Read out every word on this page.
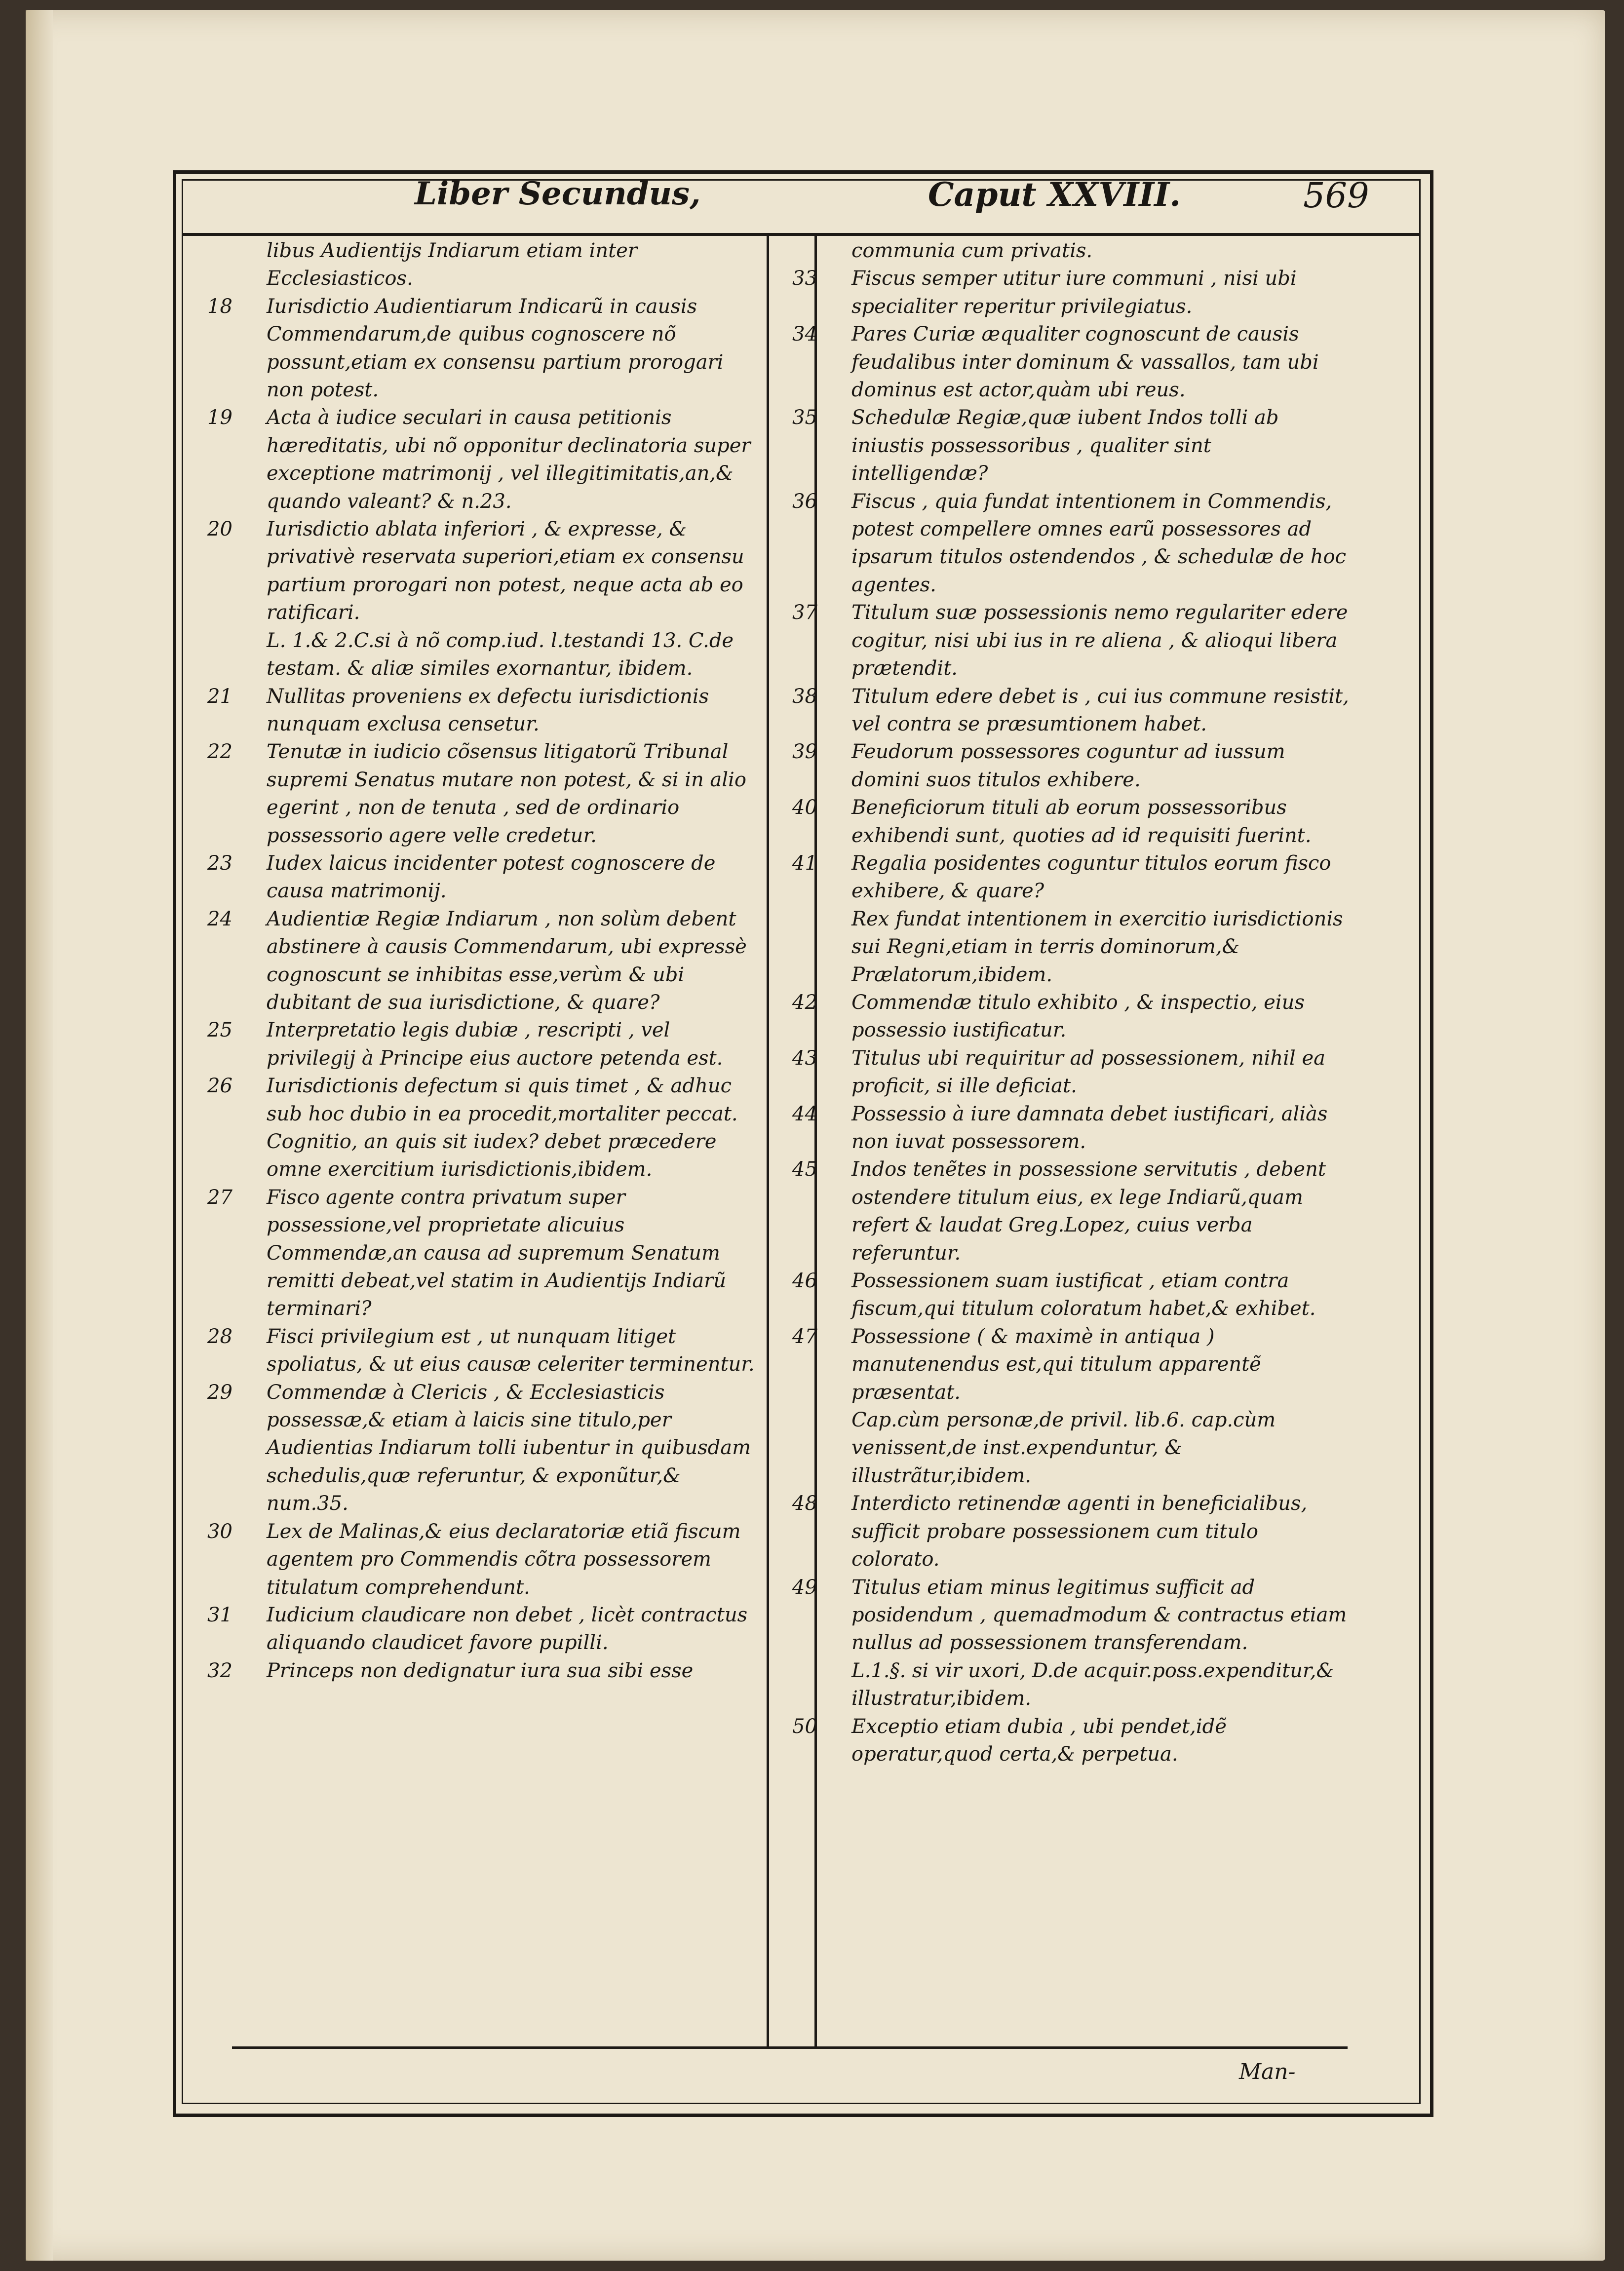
Liber Secundus,	Caput XXVIII.	569

libus Audientijs Indiarum etiam inter Ecclesiasticos.

18 Iurisdictio Audientiarum Indicarũ in causis Commendarum,de quibus cognoscere nõ possunt,etiam ex consensu partium prorogari non potest.

19 Acta à iudice seculari in causa petitionis hæreditatis, ubi nõ opponitur declinatoria super exceptione matrimonij , vel illegitimitatis,an,& quando valeant? & n.23.

20 Iurisdictio ablata inferiori , & expresse, & privativè reservata superiori,etiam ex consensu partium prorogari non potest, neque acta ab eo ratificari.

L. 1.& 2.C.si à nõ comp.iud. l.testandi 13. C.de testam. & aliæ similes exornantur, ibidem.

21 Nullitas proveniens ex defectu iurisdictionis nunquam exclusa censetur.

22 Tenutæ in iudicio cõsensus litigatorũ Tribunal supremi Senatus mutare non potest, & si in alio egerint , non de tenuta , sed de ordinario possessorio agere velle credetur.

23 Iudex laicus incidenter potest cognoscere de causa matrimonij.

24 Audientiæ Regiæ Indiarum , non solùm debent abstinere à causis Commendarum, ubi expressè cognoscunt se inhibitas esse,verùm & ubi dubitant de sua iurisdictione, & quare?

25 Interpretatio legis dubiæ , rescripti , vel privilegij à Principe eius auctore petenda est.

26 Iurisdictionis defectum si quis timet , & adhuc sub hoc dubio in ea procedit,mortaliter peccat.

Cognitio, an quis sit iudex? debet præcedere omne exercitium iurisdictionis,ibidem.

27 Fisco agente contra privatum super possessione,vel proprietate alicuius Commendæ,an causa ad supremum Senatum remitti debeat,vel statim in Audientijs Indiarũ terminari?

28 Fisci privilegium est , ut nunquam litiget spoliatus, & ut eius causæ celeriter terminentur.

29 Commendæ à Clericis , & Ecclesiasticis possessæ,& etiam à laicis sine titulo,per Audientias Indiarum tolli iubentur in quibusdam schedulis,quæ referuntur, & exponũtur,& num.35.

30 Lex de Malinas,& eius declaratoriæ etiã fiscum agentem pro Commendis cõtra possessorem titulatum comprehendunt.

31 Iudicium claudicare non debet , licèt contractus aliquando claudicet favore pupilli.

32 Princeps non dedignatur iura sua sibi esse

communia cum privatis.

33 Fiscus semper utitur iure communi , nisi ubi specialiter reperitur privilegiatus.

34 Pares Curiæ æqualiter cognoscunt de causis feudalibus inter dominum & vassallos, tam ubi dominus est actor,quàm ubi reus.

35 Schedulæ Regiæ,quæ iubent Indos tolli ab iniustis possessoribus , qualiter sint intelligendæ?

36 Fiscus , quia fundat intentionem in Commendis, potest compellere omnes earũ possessores ad ipsarum titulos ostendendos , & schedulæ de hoc agentes.

37 Titulum suæ possessionis nemo regulariter edere cogitur, nisi ubi ius in re aliena , & alioqui libera prætendit.

38 Titulum edere debet is , cui ius commune resistit, vel contra se præsumtionem habet.

39 Feudorum possessores coguntur ad iussum domini suos titulos exhibere.

40 Beneficiorum tituli ab eorum possessoribus exhibendi sunt, quoties ad id requisiti fuerint.

41 Regalia posidentes coguntur titulos eorum fisco exhibere, & quare?

Rex fundat intentionem in exercitio iurisdictionis sui Regni,etiam in terris dominorum,& Prælatorum,ibidem.

42 Commendæ titulo exhibito , & inspectio, eius possessio iustificatur.

43 Titulus ubi requiritur ad possessionem, nihil ea proficit, si ille deficiat.

44 Possessio à iure damnata debet iustificari, aliàs non iuvat possessorem.

45 Indos tenẽtes in possessione servitutis , debent ostendere titulum eius, ex lege Indiarũ,quam refert & laudat Greg.Lopez, cuius verba referuntur.

46 Possessionem suam iustificat , etiam contra fiscum,qui titulum coloratum habet,& exhibet.

47 Possessione ( & maximè in antiqua ) manutenendus est,qui titulum apparentẽ præsentat.

Cap.cùm personæ,de privil. lib.6. cap.cùm venissent,de inst.expenduntur, & illustrãtur,ibidem.

48 Interdicto retinendæ agenti in beneficialibus, sufficit probare possessionem cum titulo colorato.

49 Titulus etiam minus legitimus sufficit ad posidendum , quemadmodum & contractus etiam nullus ad possessionem transferendam.

L.1.§. si vir uxori, D.de acquir.poss.expenditur,& illustratur,ibidem.

50 Exceptio etiam dubia , ubi pendet,idẽ operatur,quod certa,& perpetua.

Man-
